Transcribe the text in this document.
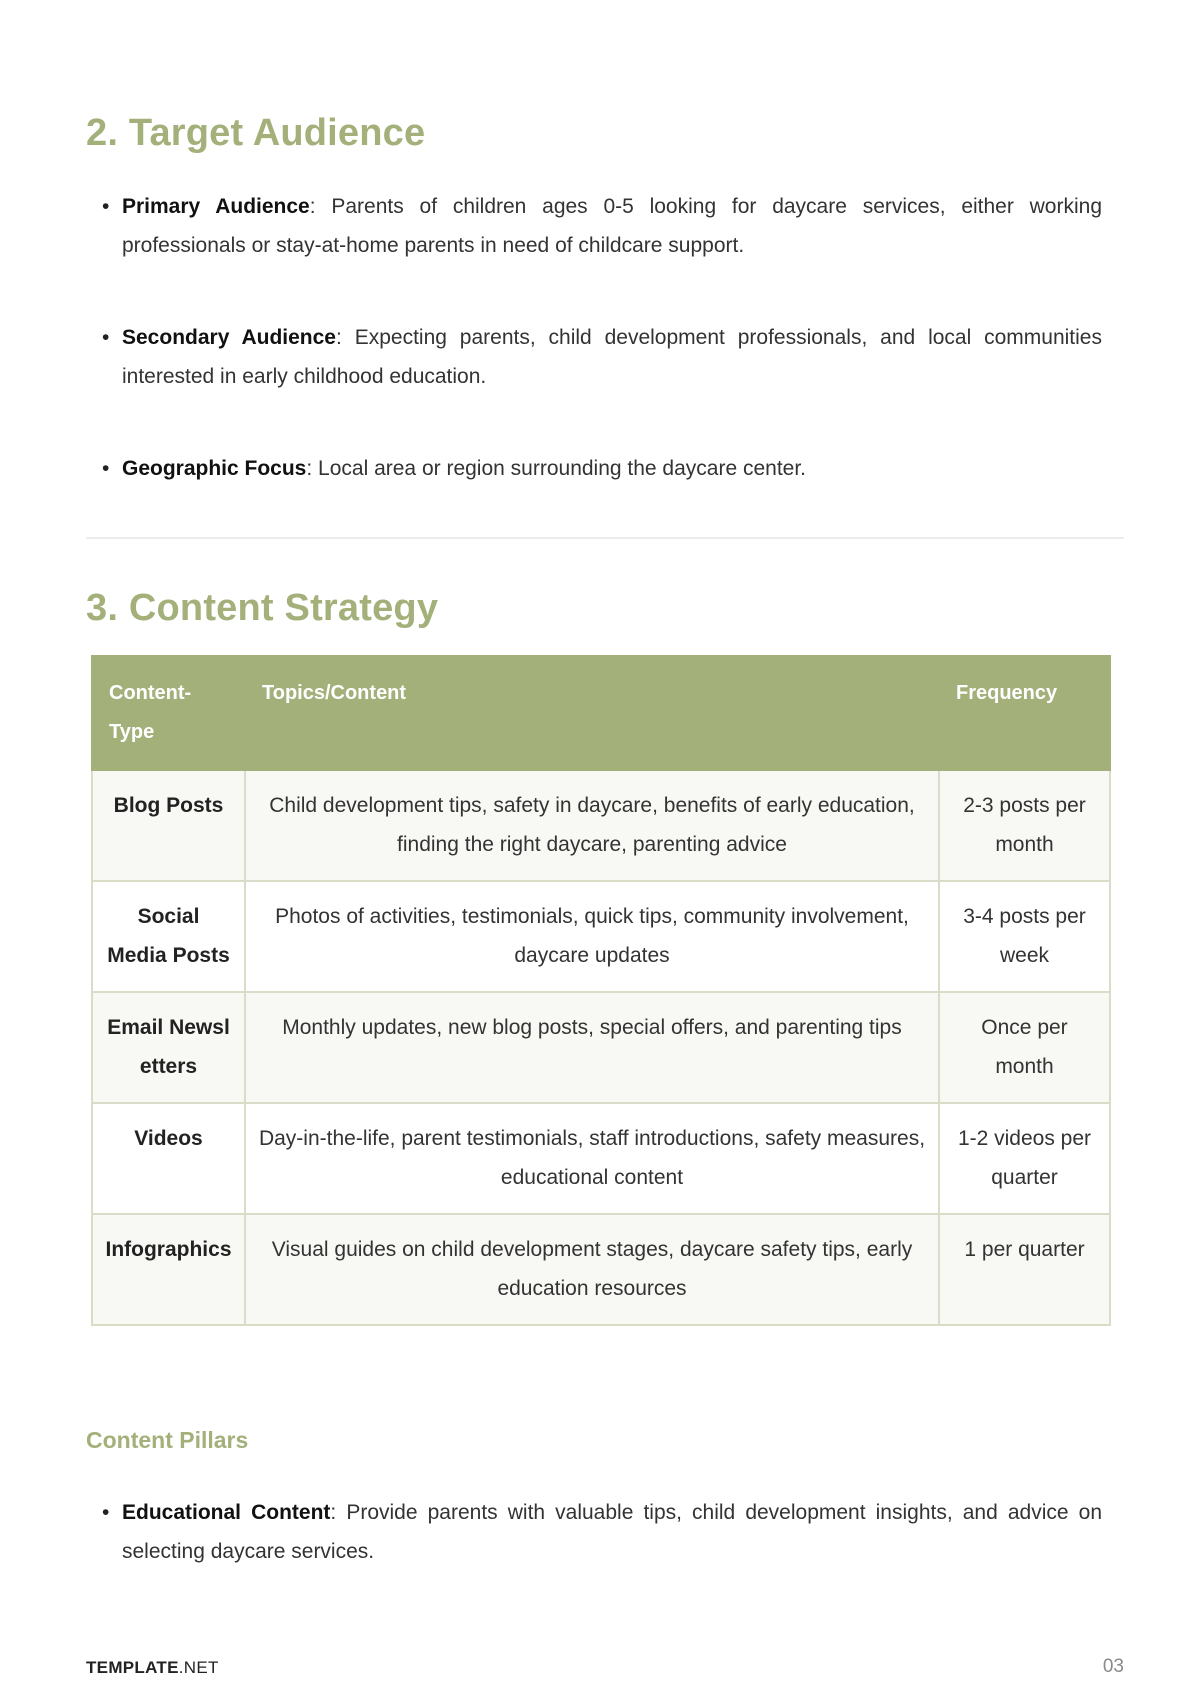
2. Target Audience
• Primary Audience: Parents of children ages 0-5 looking for daycare services, either working professionals or stay-at-home parents in need of childcare support.
• Secondary Audience: Expecting parents, child development professionals, and local communities interested in early childhood education.
• Geographic Focus: Local area or region surrounding the daycare center.
3. Content Strategy
Content-Type	Topics/Content	Frequency
Blog Posts	Child development tips, safety in daycare, benefits of early education, finding the right daycare, parenting advice	2-3 posts per month
Social Media Posts	Photos of activities, testimonials, quick tips, community involvement, daycare updates	3-4 posts per week
Email Newsletters	Monthly updates, new blog posts, special offers, and parenting tips	Once per month
Videos	Day-in-the-life, parent testimonials, staff introductions, safety measures, educational content	1-2 videos per quarter
Infographics	Visual guides on child development stages, daycare safety tips, early education resources	1 per quarter
Content Pillars
• Educational Content: Provide parents with valuable tips, child development insights, and advice on selecting daycare services.
TEMPLATE.NET	03
